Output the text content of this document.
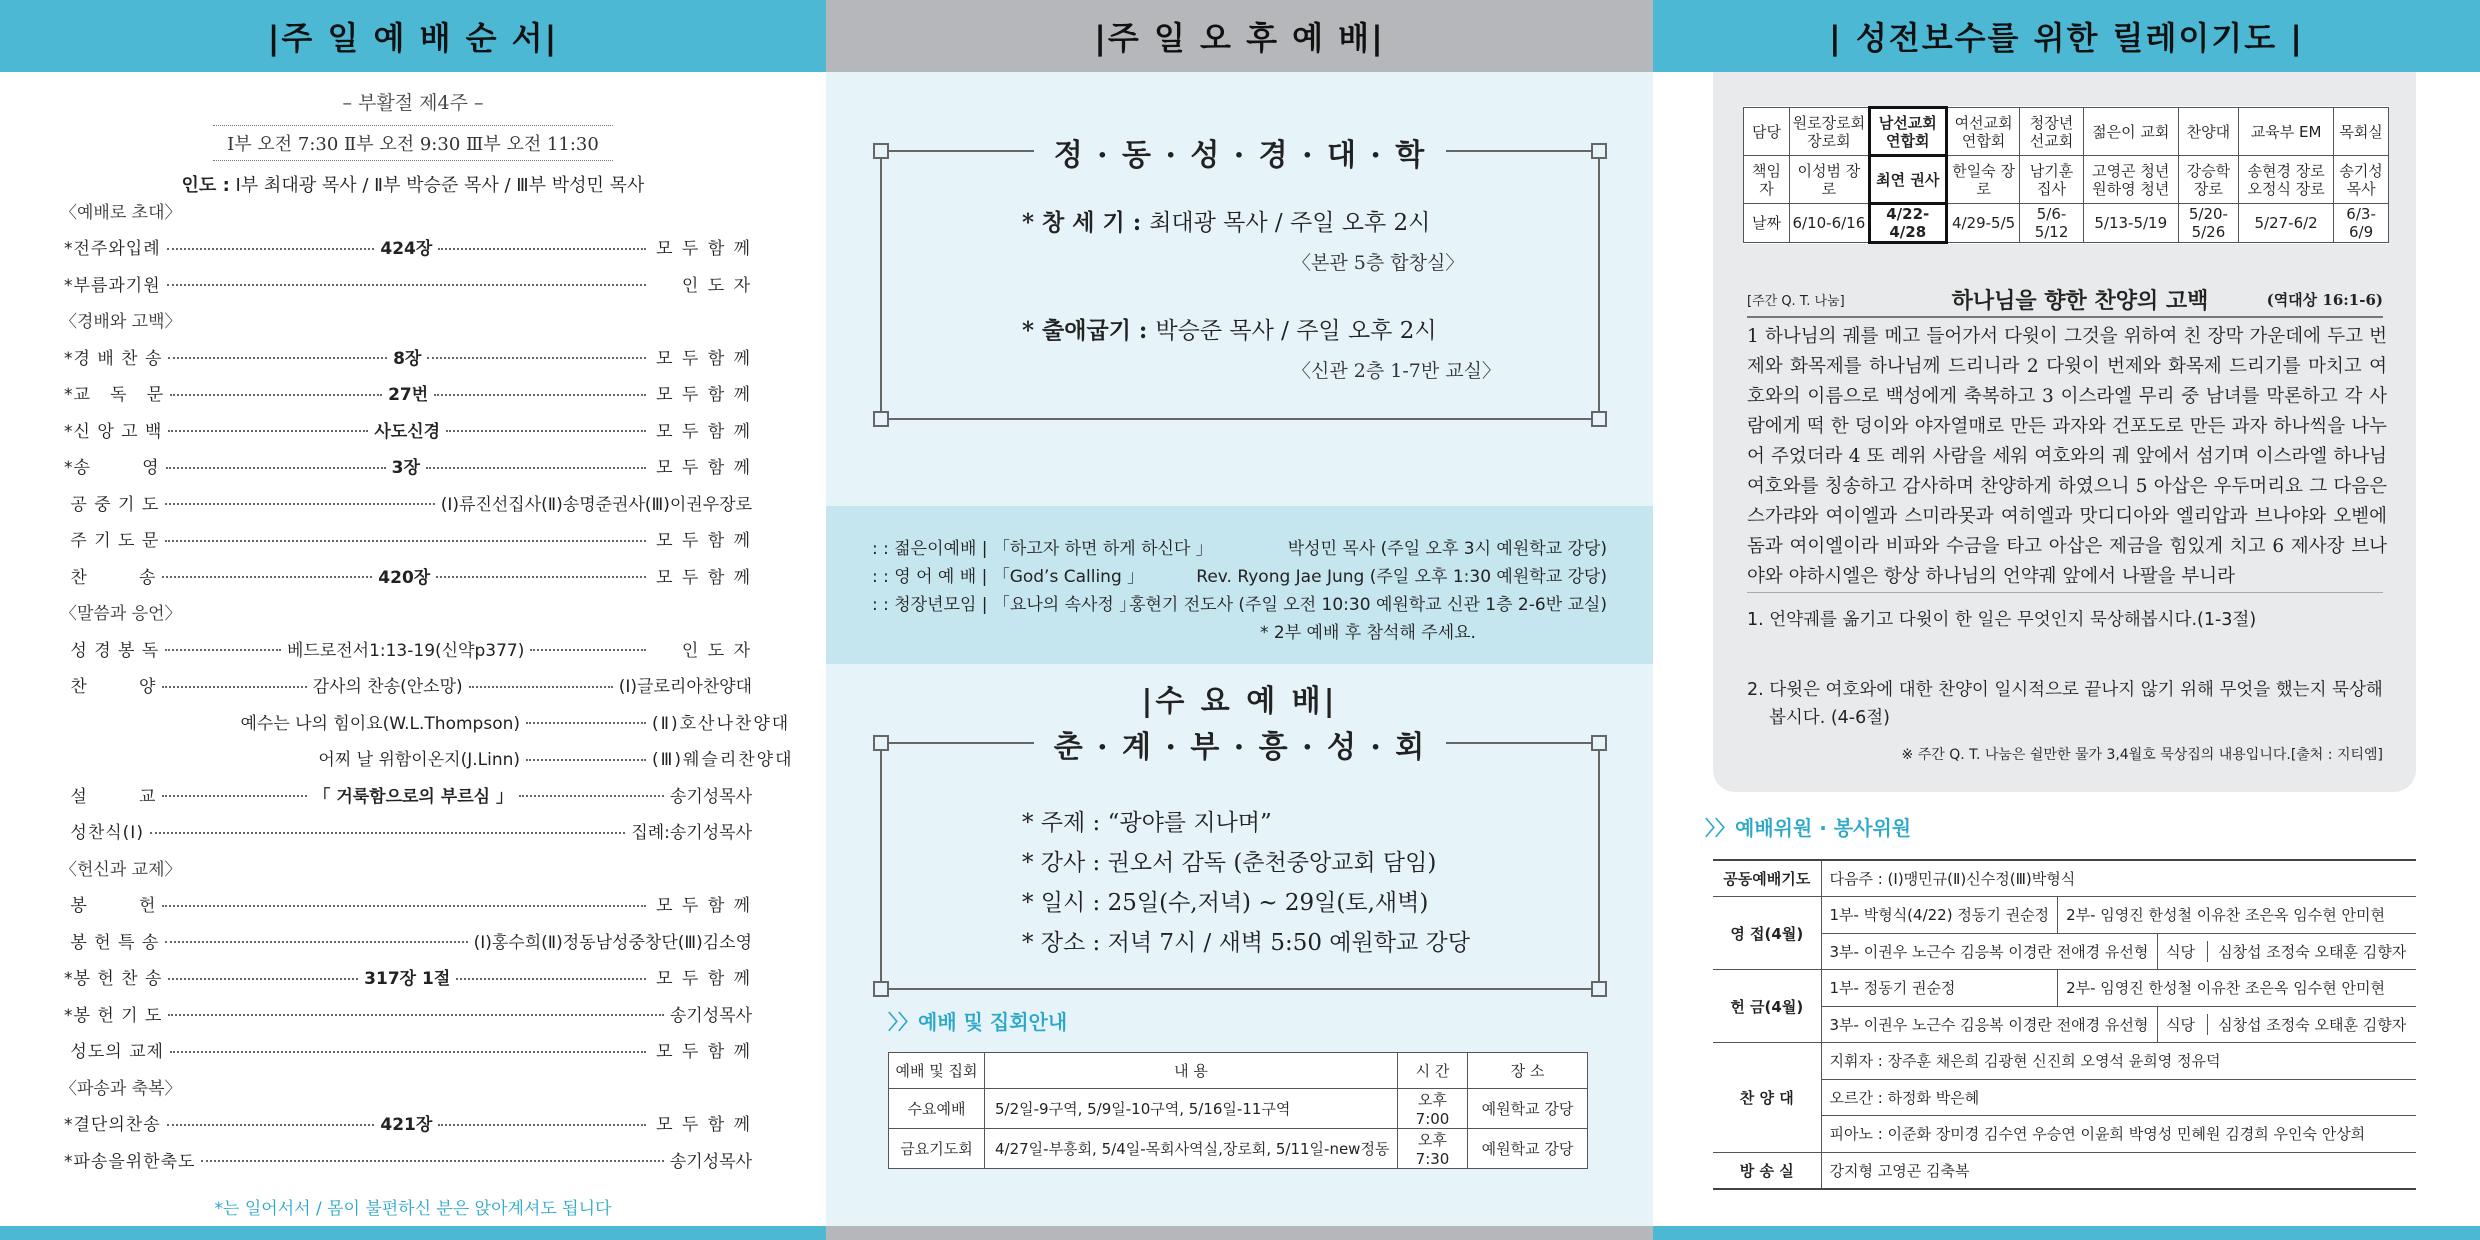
|주 일 예 배 순 서|
– 부활절 제4주 –
Ⅰ부 오전 7:30 Ⅱ부 오전 9:30 Ⅲ부 오전 11:30
인도 : Ⅰ부 최대광 목사 / Ⅱ부 박승준 목사 / Ⅲ부 박성민 목사
〈예배로 초대〉
*전주와입례	424장	모 두 함 께
*부름과기원	인 도 자
〈경배와 고백〉
*경 배 찬 송	8장	모 두 함 께
*교   독   문	27번	모 두 함 께
*신 앙 고 백	사도신경	모 두 함 께
*송        영	3장	모 두 함 께
공 중 기 도	(Ⅰ)류진선집사(Ⅱ)송명준권사(Ⅲ)이권우장로
주 기 도 문	모 두 함 께
찬        송	420장	모 두 함 께
〈말씀과 응언〉
성 경 봉 독	베드로전서1:13-19(신약p377)	인 도 자
찬        양	감사의 찬송(안소망)	(Ⅰ)글로리아찬양대
예수는 나의 힘이요(W.L.Thompson)	(Ⅱ)호산나찬양대
어찌 날 위함이온지(J.Linn)	(Ⅲ)웨슬리찬양대
설        교	「 거룩함으로의 부르심 」	송기성목사
성찬식(Ⅰ)	집례:송기성목사
〈헌신과 교제〉
봉        헌	모 두 함 께
봉 헌 특 송	(Ⅰ)홍수희(Ⅱ)정동남성중창단(Ⅲ)김소영
*봉 헌 찬 송	317장 1절	모 두 함 께
*봉 헌 기 도	송기성목사
성도의 교제	모 두 함 께
〈파송과 축복〉
*결단의찬송	421장	모 두 함 께
*파송을위한축도	송기성목사
*는 일어서서 / 몸이 불편하신 분은 앉아계셔도 됩니다
|주 일 오 후 예 배|
정 · 동 · 성 · 경 · 대 · 학
* 창 세 기 : 최대광 목사 / 주일 오후 2시
〈본관 5층 합창실〉
* 출애굽기 : 박승준 목사 / 주일 오후 2시
〈신관 2층 1-7반 교실〉
: : 젊은이예배 | 「하고자 하면 하게 하신다 」	박성민 목사 (주일 오후 3시 예원학교 강당)
: : 영 어 예 배 | 「God’s Calling 」	Rev. Ryong Jae Jung (주일 오후 1:30 예원학교 강당)
: : 청장년모임 | 「요나의 속사정 」
홍현기 전도사 (주일 오전 10:30 예원학교 신관 1층 2-6반 교실)
* 2부 예배 후 참석해 주세요.
|수 요 예 배|
춘 · 계 · 부 · 흥 · 성 · 회
* 주제 : “광야를 지나며”
* 강사 : 권오서 감독 (춘천중앙교회 담임)
* 일시 : 25일(수,저녁) ~ 29일(토,새벽)
* 장소 : 저녁 7시 / 새벽 5:50 예원학교 강당
〉〉예배 및 집회안내
예배 및 집회	내 용	시 간	장 소
수요예배	5/2일-9구역, 5/9일-10구역, 5/16일-11구역	오후7:00	예원학교 강당
금요기도회	4/27일-부흥회, 5/4일-목회사역실,장로회, 5/11일-new정동	오후7:30	예원학교 강당
| 성전보수를 위한 릴레이기도 |
담당	원로장로회 장로회	남선교회 연합회	여선교회 연합회	청장년 선교회	젊은이 교회	찬양대	교육부 EM	목회실
책임자	이성범 장로	최연 권사	한일숙 장로	남기훈 집사	고영곤 청년 원하영 청년	강승학 장로	송현경 장로 오정식 장로	송기성 목사
날짜	6/10-6/16	4/22-4/28	4/29-5/5	5/6-5/12	5/13-5/19	5/20-5/26	5/27-6/2	6/3-6/9
[주간 Q. T. 나눔]	하나님을 향한 찬양의 고백	(역대상 16:1-6)
1 하나님의 궤를 메고 들어가서 다윗이 그것을 위하여 친 장막 가운데에 두고 번제와 화목제를 하나님께 드리니라 2 다윗이 번제와 화목제 드리기를 마치고 여호와의 이름으로 백성에게 축복하고 3 이스라엘 무리 중 남녀를 막론하고 각 사람에게 떡 한 덩이와 야자열매로 만든 과자와 건포도로 만든 과자 하나씩을 나누어 주었더라 4 또 레위 사람을 세워 여호와의 궤 앞에서 섬기며 이스라엘 하나님 여호와를 칭송하고 감사하며 찬양하게 하였으니 5 아삽은 우두머리요 그 다음은 스가랴와 여이엘과 스미라못과 여히엘과 맛디디아와 엘리압과 브나야와 오벧에돔과 여이엘이라 비파와 수금을 타고 아삽은 제금을 힘있게 치고 6 제사장 브나야와 야하시엘은 항상 하나님의 언약궤 앞에서 나팔을 부니라
1. 언약궤를 옮기고 다윗이 한 일은 무엇인지 묵상해봅시다.(1-3절)
2. 다윗은 여호와에 대한 찬양이 일시적으로 끝나지 않기 위해 무엇을 했는지 묵상해봅시다. (4-6절)
※ 주간 Q. T. 나눔은 쉴만한 물가 3,4월호 묵상집의 내용입니다.[출처 : 지티엠]
〉〉예배위원 · 봉사위원
공동예배기도	다음주 : (Ⅰ)맹민규(Ⅱ)신수정(Ⅲ)박형식		
영 접(4월)	1부- 박형식(4/22) 정동기 권순정	2부- 임영진 한성철 이유찬 조은옥 임수현 안미현	
	3부- 이권우 노근수 김응복 이경란 전애경 유선형		식당 심창섭 조정숙 오태훈 김향자
헌 금(4월)	1부- 정동기 권순정	2부- 임영진 한성철 이유찬 조은옥 임수현 안미현	
	3부- 이권우 노근수 김응복 이경란 전애경 유선형		식당 심창섭 조정숙 오태훈 김향자
찬 양 대	지휘자 : 장주훈 채은희 김광현 신진희 오영석 윤희영 정유덕		
	오르간 : 하정화 박은혜		
	피아노 : 이준화 장미경 김수연 우승연 이윤희 박영성 민혜원 김경희 우인숙 안상희		
방 송 실	강지형 고영곤 김축복		
